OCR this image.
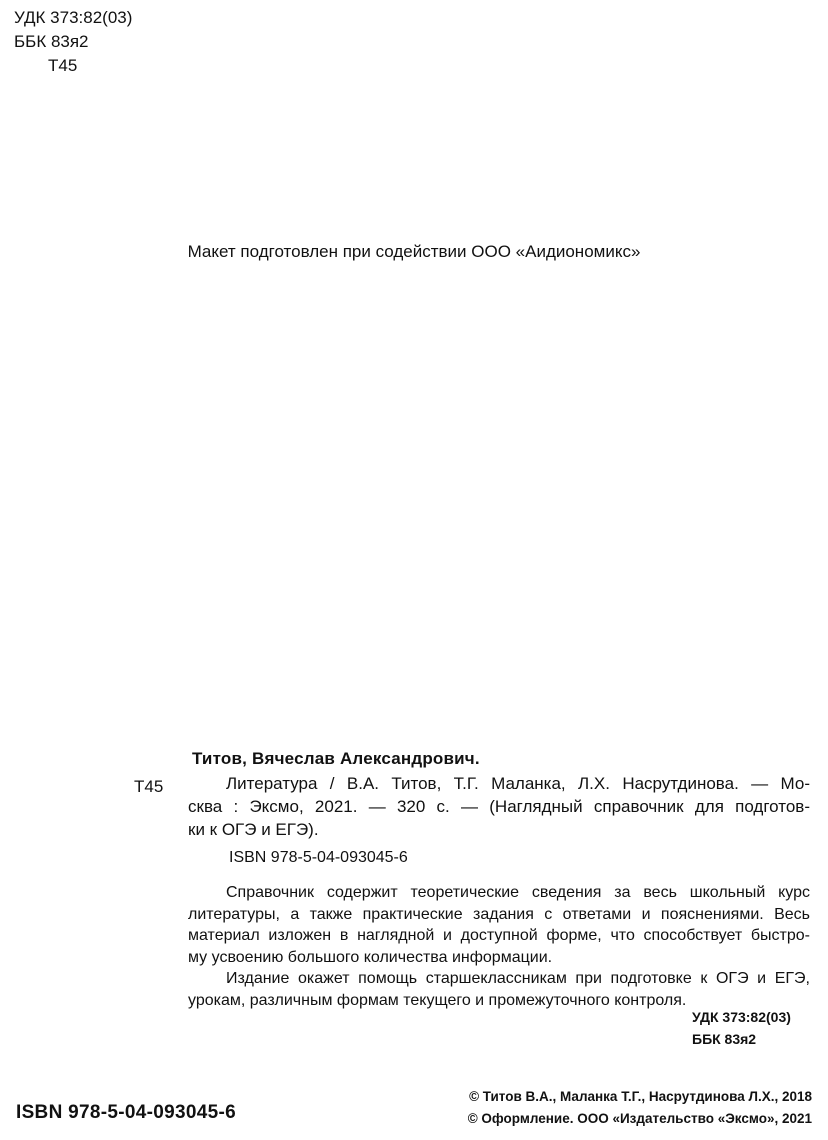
УДК 373:82(03)
ББК 83я2
Т45
Макет подготовлен при содействии ООО «Аидиономикс»
Титов, Вячеслав Александрович.
Т45	Литература / В.А. Титов, Т.Г. Маланка, Л.Х. Насрутдинова. — Мо-
сква : Эксмо, 2021. — 320 с. — (Наглядный справочник для подготов-
ки к ОГЭ и ЕГЭ).
ISBN 978-5-04-093045-6
Справочник содержит теоретические сведения за весь школьный курс
литературы, а также практические задания с ответами и пояснениями. Весь
материал изложен в наглядной и доступной форме, что способствует быстро-
му усвоению большого количества информации.
Издание окажет помощь старшеклассникам при подготовке к ОГЭ и ЕГЭ,
урокам, различным формам текущего и промежуточного контроля.
УДК 373:82(03)
ББК 83я2
ISBN 978-5-04-093045-6
© Титов В.А., Маланка Т.Г., Насрутдинова Л.Х., 2018
© Оформление. ООО «Издательство «Эксмо», 2021
